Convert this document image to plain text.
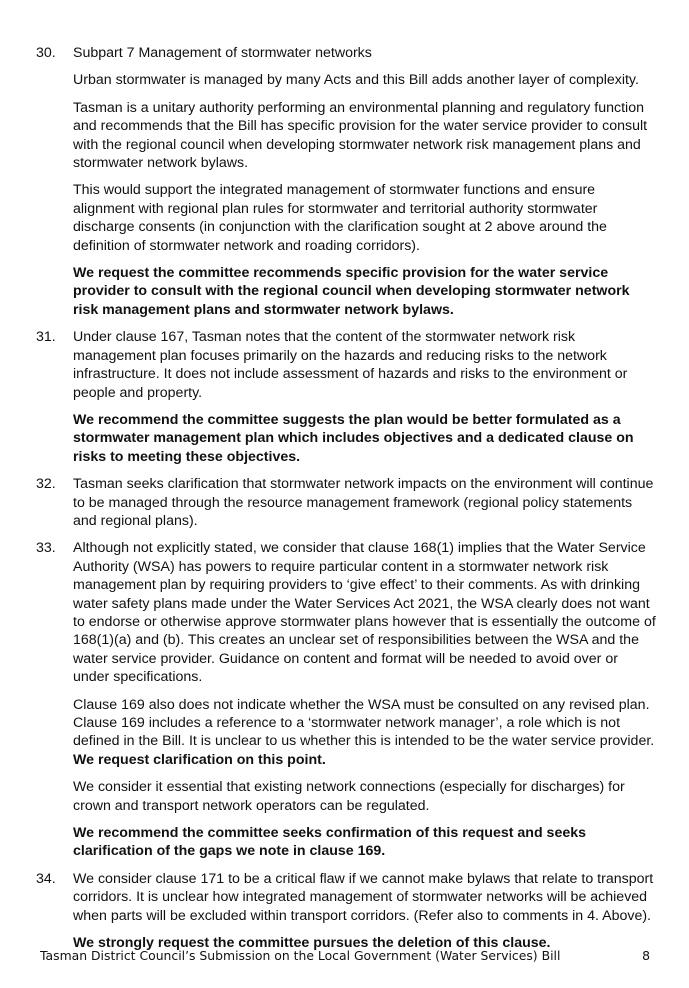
30. Subpart 7 Management of stormwater networks

Urban stormwater is managed by many Acts and this Bill adds another layer of complexity.

Tasman is a unitary authority performing an environmental planning and regulatory function and recommends that the Bill has specific provision for the water service provider to consult with the regional council when developing stormwater network risk management plans and stormwater network bylaws.

This would support the integrated management of stormwater functions and ensure alignment with regional plan rules for stormwater and territorial authority stormwater discharge consents (in conjunction with the clarification sought at 2 above around the definition of stormwater network and roading corridors).

We request the committee recommends specific provision for the water service provider to consult with the regional council when developing stormwater network risk management plans and stormwater network bylaws.

31. Under clause 167, Tasman notes that the content of the stormwater network risk management plan focuses primarily on the hazards and reducing risks to the network infrastructure. It does not include assessment of hazards and risks to the environment or people and property.

We recommend the committee suggests the plan would be better formulated as a stormwater management plan which includes objectives and a dedicated clause on risks to meeting these objectives.

32. Tasman seeks clarification that stormwater network impacts on the environment will continue to be managed through the resource management framework (regional policy statements and regional plans).

33. Although not explicitly stated, we consider that clause 168(1) implies that the Water Service Authority (WSA) has powers to require particular content in a stormwater network risk management plan by requiring providers to ‘give effect’ to their comments. As with drinking water safety plans made under the Water Services Act 2021, the WSA clearly does not want to endorse or otherwise approve stormwater plans however that is essentially the outcome of 168(1)(a) and (b). This creates an unclear set of responsibilities between the WSA and the water service provider. Guidance on content and format will be needed to avoid over or under specifications.

Clause 169 also does not indicate whether the WSA must be consulted on any revised plan. Clause 169 includes a reference to a ‘stormwater network manager’, a role which is not defined in the Bill. It is unclear to us whether this is intended to be the water service provider. We request clarification on this point.

We consider it essential that existing network connections (especially for discharges) for crown and transport network operators can be regulated.

We recommend the committee seeks confirmation of this request and seeks clarification of the gaps we note in clause 169.

34. We consider clause 171 to be a critical flaw if we cannot make bylaws that relate to transport corridors. It is unclear how integrated management of stormwater networks will be achieved when parts will be excluded within transport corridors. (Refer also to comments in 4. Above).

We strongly request the committee pursues the deletion of this clause.

Tasman District Council’s Submission on the Local Government (Water Services) Bill	8
